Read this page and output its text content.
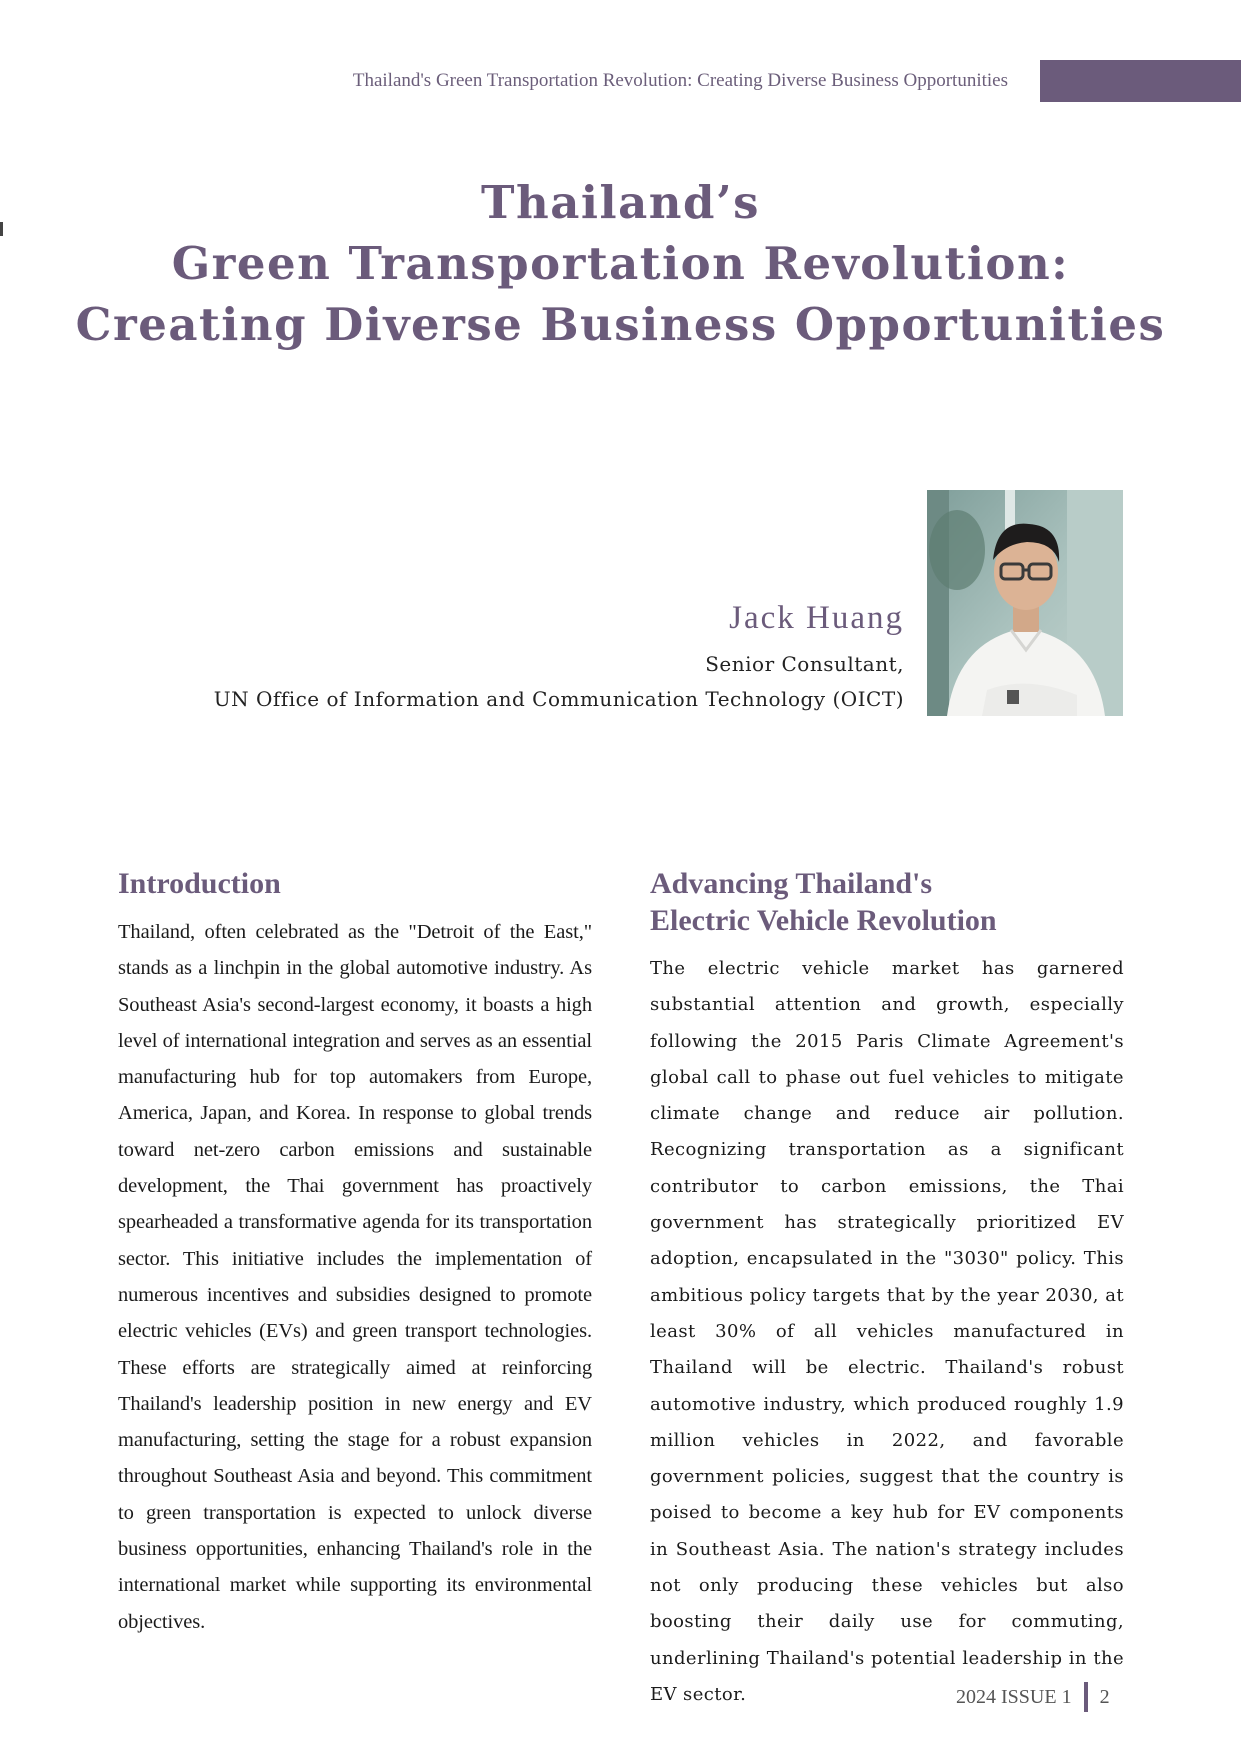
Thailand's Green Transportation Revolution: Creating Diverse Business Opportunities
Thailand’s
Green Transportation Revolution:
Creating Diverse Business Opportunities
Jack Huang
Senior Consultant,
UN Office of Information and Communication Technology (OICT)
Introduction

Thailand, often celebrated as the "Detroit of the East," stands as a linchpin in the global automotive industry. As Southeast Asia's second-largest economy, it boasts a high level of international integration and serves as an essential manufacturing hub for top automakers from Europe, America, Japan, and Korea. In response to global trends toward net-zero carbon emissions and sustainable development, the Thai government has proactively spearheaded a transformative agenda for its transportation sector. This initiative includes the implementation of numerous incentives and subsidies designed to promote electric vehicles (EVs) and green transport technologies. These efforts are strategically aimed at reinforcing Thailand's leadership position in new energy and EV manufacturing, setting the stage for a robust expansion throughout Southeast Asia and beyond. This commitment to green transportation is expected to unlock diverse business opportunities, enhancing Thailand's role in the international market while supporting its environmental objectives.

Advancing Thailand's
Electric Vehicle Revolution

The electric vehicle market has garnered substantial attention and growth, especially following the 2015 Paris Climate Agreement's global call to phase out fuel vehicles to mitigate climate change and reduce air pollution. Recognizing transportation as a significant contributor to carbon emissions, the Thai government has strategically prioritized EV adoption, encapsulated in the "3030" policy. This ambitious policy targets that by the year 2030, at least 30% of all vehicles manufactured in Thailand will be electric. Thailand's robust automotive industry, which produced roughly 1.9 million vehicles in 2022, and favorable government policies, suggest that the country is poised to become a key hub for EV components in Southeast Asia. The nation's strategy includes not only producing these vehicles but also boosting their daily use for commuting, underlining Thailand's potential leadership in the EV sector.	2024 ISSUE 1 2
